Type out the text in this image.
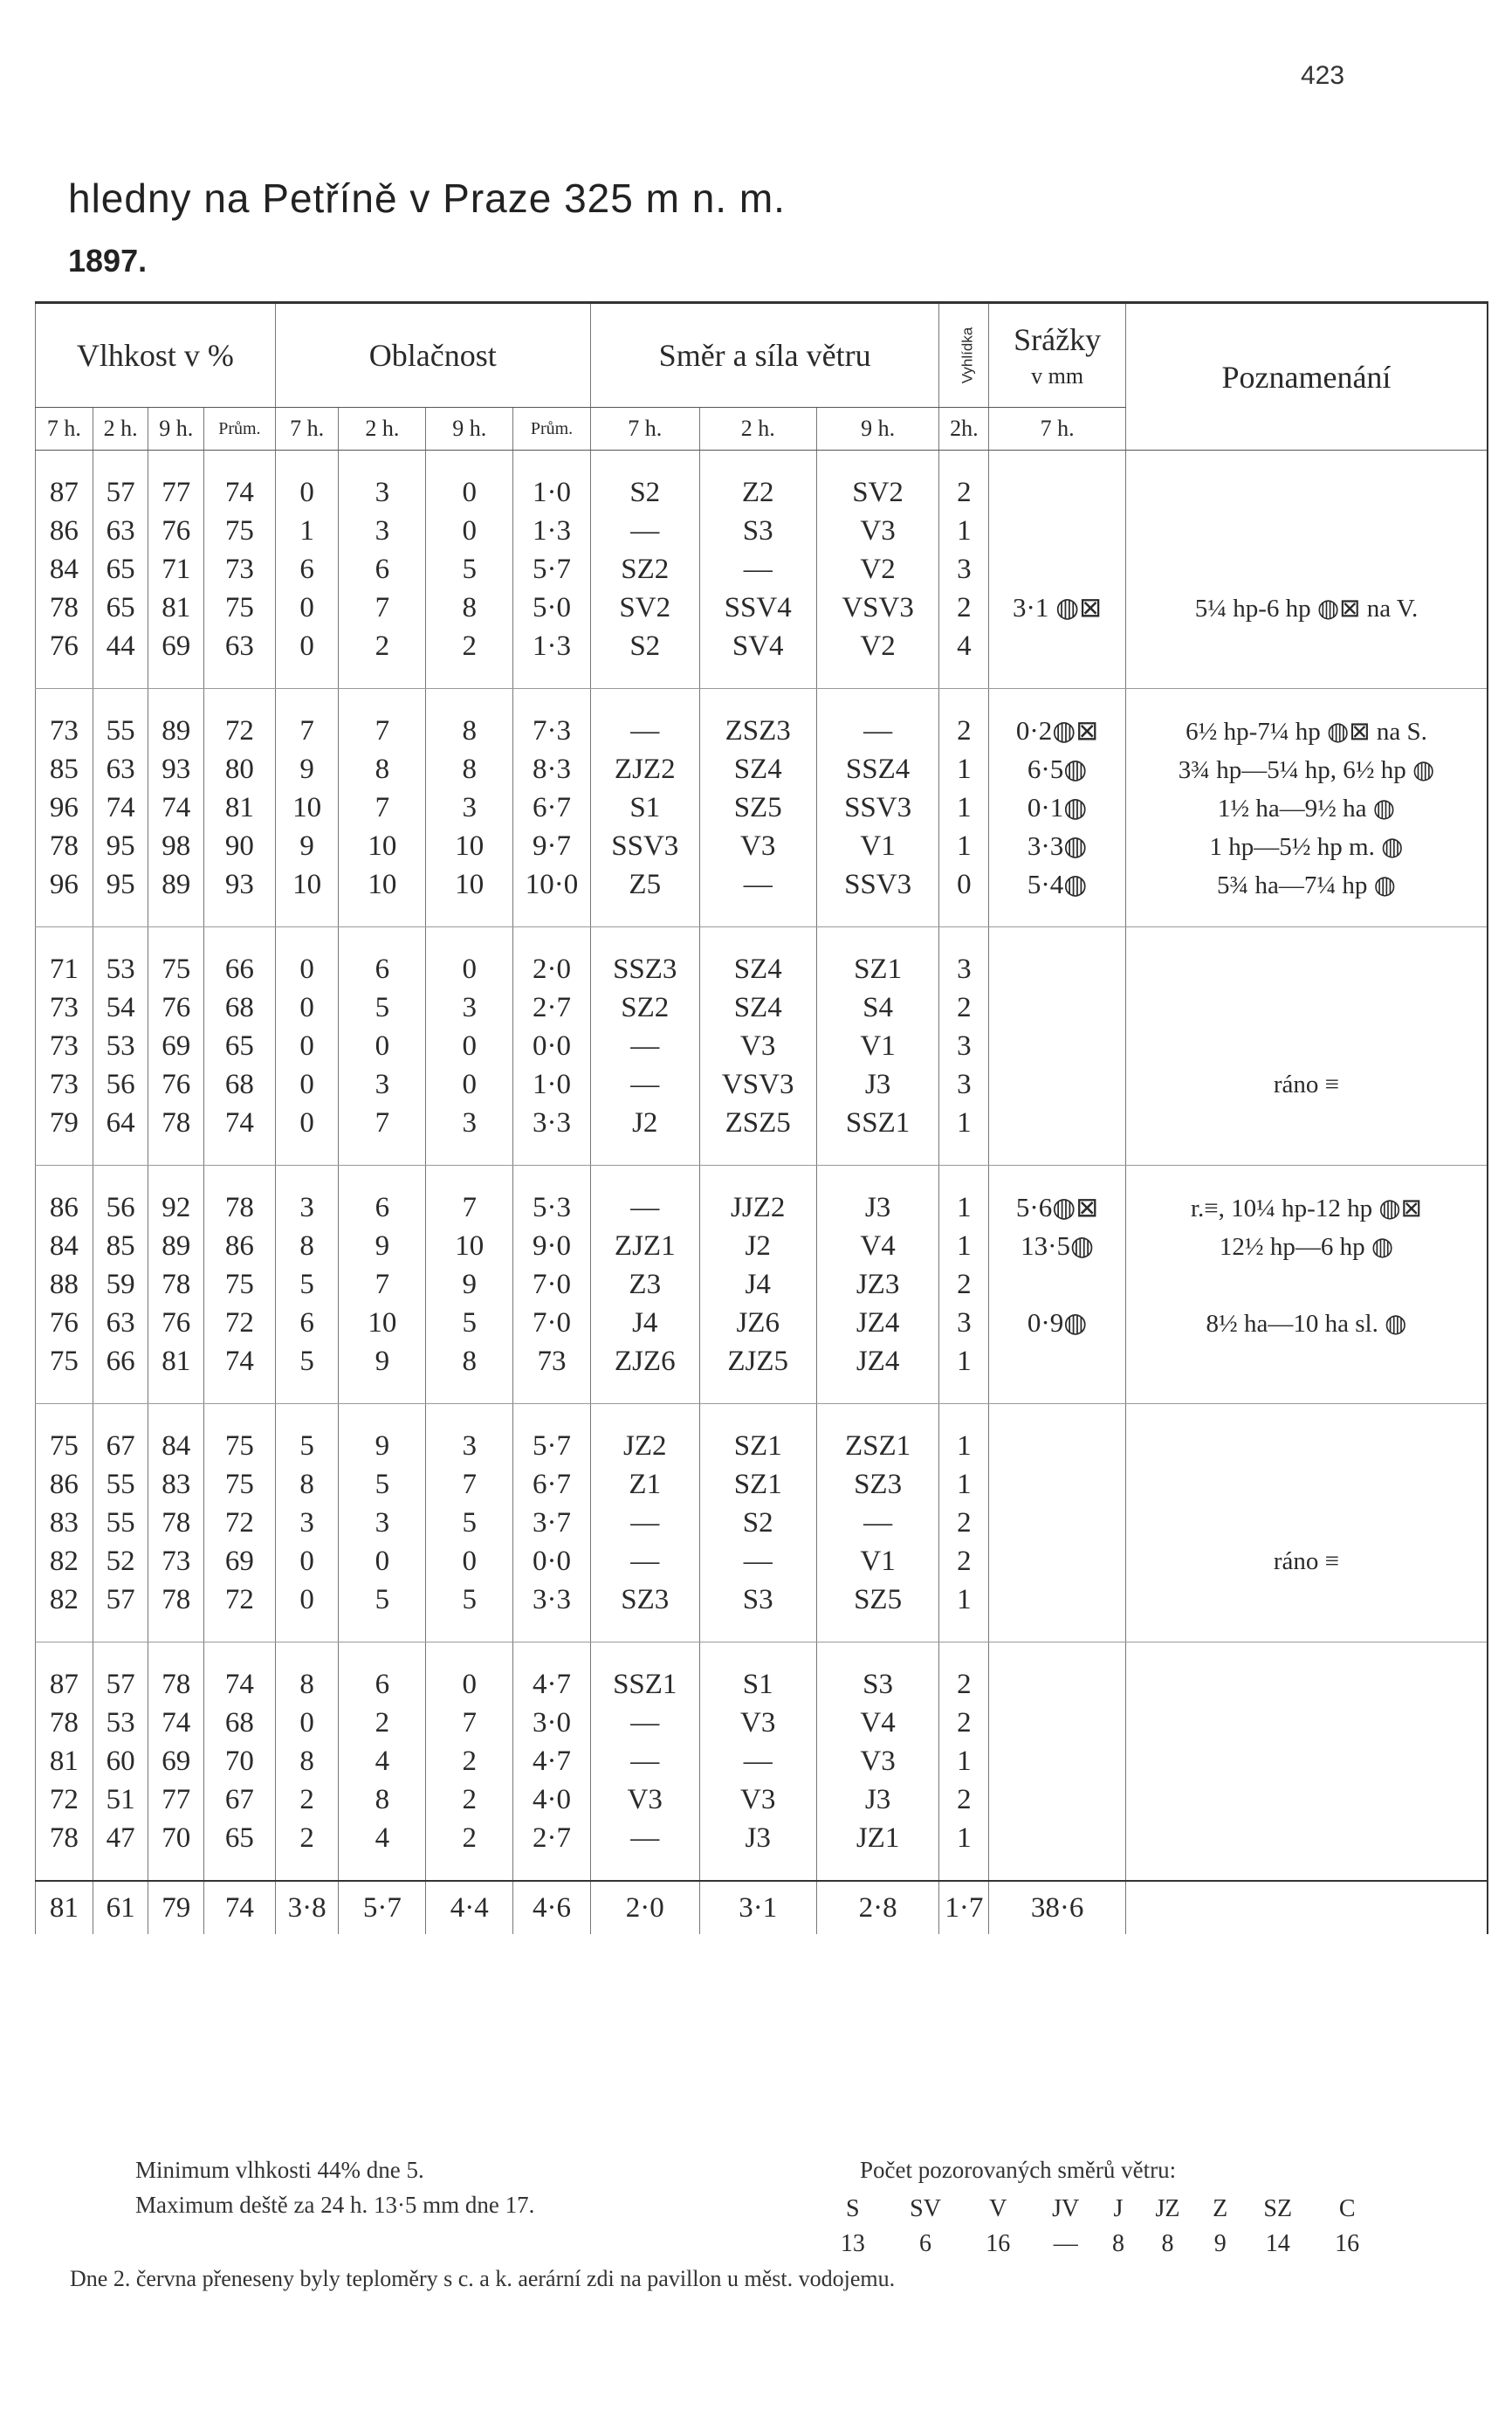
423
hledny na Petříně v Praze 325 m n. m.
1897.
Vlhkost v %				Oblačnost				Směr a síla větru			Vyhlídka	Srážky
v mm	Poznamenání
7 h.	2 h.	9 h.	Prům.	7 h.	2 h.	9 h.	Prům.	7 h.	2 h.	9 h.	2h.	7 h.	

87	57	77	74	0	3	0	1·0	S2	Z2	SV2	2		
86	63	76	75	1	3	0	1·3	—	S3	V3	1		
84	65	71	73	6	6	5	5·7	SZ2	—	V2	3		
78	65	81	75	0	7	8	5·0	SV2	SSV4	VSV3	2	3·1 ◍⊠	5¼ hp-6 hp ◍⊠ na V.
76	44	69	63	0	2	2	1·3	S2	SV4	V2	4		

73	55	89	72	7	7	8	7·3	—	ZSZ3	—	2	0·2◍⊠	6½ hp-7¼ hp ◍⊠ na S.
85	63	93	80	9	8	8	8·3	ZJZ2	SZ4	SSZ4	1	6·5◍	3¾ hp—5¼ hp, 6½ hp ◍
96	74	74	81	10	7	3	6·7	S1	SZ5	SSV3	1	0·1◍	1½ ha—9½ ha ◍
78	95	98	90	9	10	10	9·7	SSV3	V3	V1	1	3·3◍	1 hp—5½ hp m. ◍
96	95	89	93	10	10	10	10·0	Z5	—	SSV3	0	5·4◍	5¾ ha—7¼ hp ◍

71	53	75	66	0	6	0	2·0	SSZ3	SZ4	SZ1	3		
73	54	76	68	0	5	3	2·7	SZ2	SZ4	S4	2		
73	53	69	65	0	0	0	0·0	—	V3	V1	3		
73	56	76	68	0	3	0	1·0	—	VSV3	J3	3		ráno ≡
79	64	78	74	0	7	3	3·3	J2	ZSZ5	SSZ1	1		

86	56	92	78	3	6	7	5·3	—	JJZ2	J3	1	5·6◍⊠	r.≡, 10¼ hp-12 hp ◍⊠
84	85	89	86	8	9	10	9·0	ZJZ1	J2	V4	1	13·5◍	12½ hp—6 hp ◍
88	59	78	75	5	7	9	7·0	Z3	J4	JZ3	2		
76	63	76	72	6	10	5	7·0	J4	JZ6	JZ4	3	0·9◍	8½ ha—10 ha sl. ◍
75	66	81	74	5	9	8	73	ZJZ6	ZJZ5	JZ4	1		

75	67	84	75	5	9	3	5·7	JZ2	SZ1	ZSZ1	1		
86	55	83	75	8	5	7	6·7	Z1	SZ1	SZ3	1		
83	55	78	72	3	3	5	3·7	—	S2	—	2		
82	52	73	69	0	0	0	0·0	—	—	V1	2		ráno ≡
82	57	78	72	0	5	5	3·3	SZ3	S3	SZ5	1		

87	57	78	74	8	6	0	4·7	SSZ1	S1	S3	2		
78	53	74	68	0	2	7	3·0	—	V3	V4	2		
81	60	69	70	8	4	2	4·7	—	—	V3	1		
72	51	77	67	2	8	2	4·0	V3	V3	J3	2		
78	47	70	65	2	4	2	2·7	—	J3	JZ1	1		

81	61	79	74	3·8	5·7	4·4	4·6	2·0	3·1	2·8	1·7	38·6	
Minimum vlhkosti 44% dne 5.
Maximum deště za 24 h. 13·5 mm dne 17.
Počet pozorovaných směrů větru:
S	SV	V	JV	J	JZ	Z	SZ	C
13	6	16	—	8	8	9	14	16
Dne 2. června přeneseny byly teploměry s c. a k. aerární zdi na pavillon u měst. vodojemu.
